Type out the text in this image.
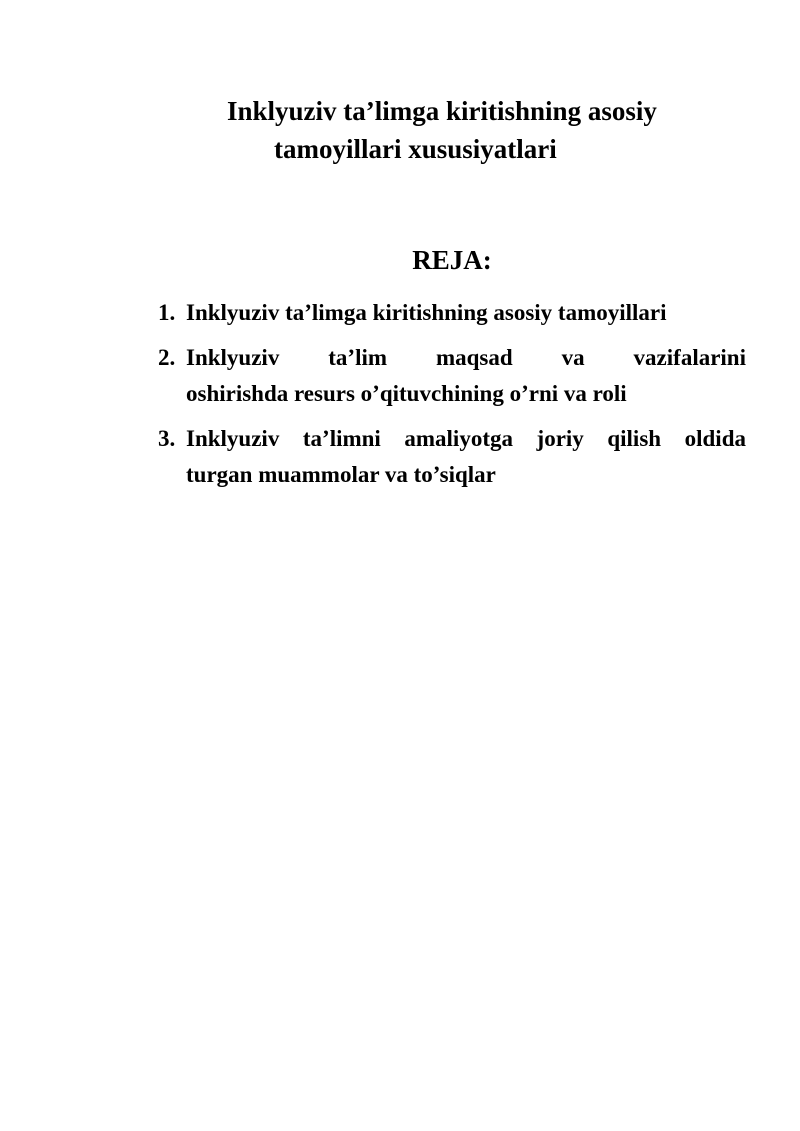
Inklyuziv ta’limga kiritishning asosiy
tamoyillari xususiyatlari
REJA:
1. Inklyuziv ta’limga kiritishning asosiy tamoyillari
2. Inklyuziv ta’lim maqsad va vazifalarini
oshirishda resurs o’qituvchining o’rni va roli
3. Inklyuziv ta’limni amaliyotga joriy qilish oldida
turgan muammolar va to’siqlar
